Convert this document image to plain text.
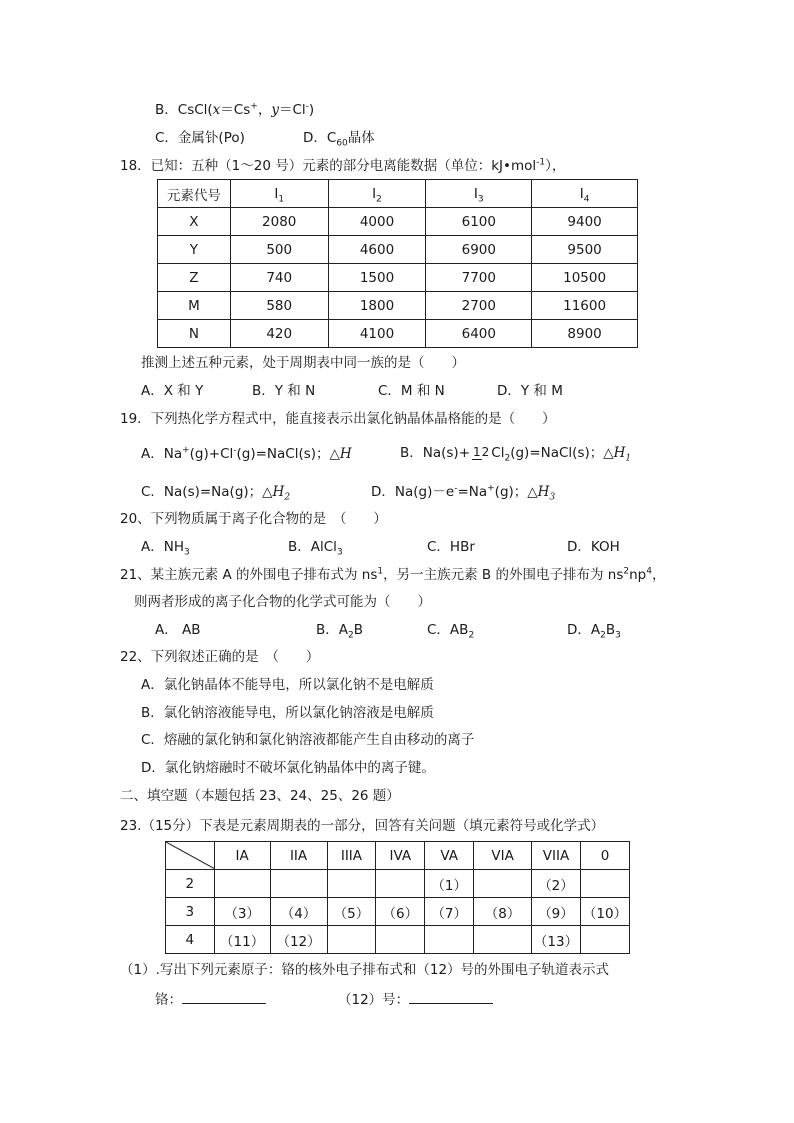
B．CsCl(x＝Cs+，y＝Cl-)
C．金属钋(Po)	D．$C_{60}$晶体
18．已知：五种（1～20 号）元素的部分电离能数据（单位：kJ•mol$^{-1}$），
元素代号	$I_1$	$I_2$	$I_3$	$I_4$
X	2080	4000	6100	9400
Y	500	4600	6900	9500
Z	740	1500	7700	10500
M	580	1800	2700	11600
N	420	4100	6400	8900
推测上述五种元素，处于周期表中同一族的是（　　）
A．X 和 Y	B．Y 和 N	C．M 和 N	D．Y 和 M
19．下列热化学方程式中，能直接表示出氯化钠晶体晶格能的是（　　）
A．Na+(g)+Cl-(g)=NaCl(s)；△H	B．Na(s)+ 12 $Cl_2(g)=NaCl(s)$；$\triangle H_1$
C．Na(s)=Na(g)；$\triangle H_2$	D．Na(g)－e-=Na+(g)；$\triangle H_3$
20、下列物质属于离子化合物的是　（　　）
A．$NH_3$	B．AlCl$_3$	C．HBr	D．KOH
21、某主族元素 A 的外围电子排布式为 $ns^1$，另一主族元素 B 的外围电子排布为 $ns^2np^4$，
则两者形成的离子化合物的化学式可能为（　　）
A． AB	B．$A_2B$	C．$AB_2$	D．$A_2B_3$
22、下列叙述正确的是　（　　）
A．氯化钠晶体不能导电，所以氯化钠不是电解质
B．氯化钠溶液能导电，所以氯化钠溶液是电解质
C．熔融的氯化钠和氯化钠溶液都能产生自由移动的离子
D．氯化钠熔融时不破坏氯化钠晶体中的离子键。
二、填空题（本题包括 23、24、25、26 题）
23.（15分）下表是元素周期表的一部分，回答有关问题（填元素符号或化学式）
	IA	IIA	IIIA	IVA	VA	VIA	VIIA	0
2					（1）		（2）	
3	（3）	（4）	（5）	（6）	（7）	（8）	（9）	（10）
4	（11）	（12）					（13）	
（1）.写出下列元素原子：铬的核外电子排布式和（12）号的外围电子轨道表示式
铬：	（12）号：
